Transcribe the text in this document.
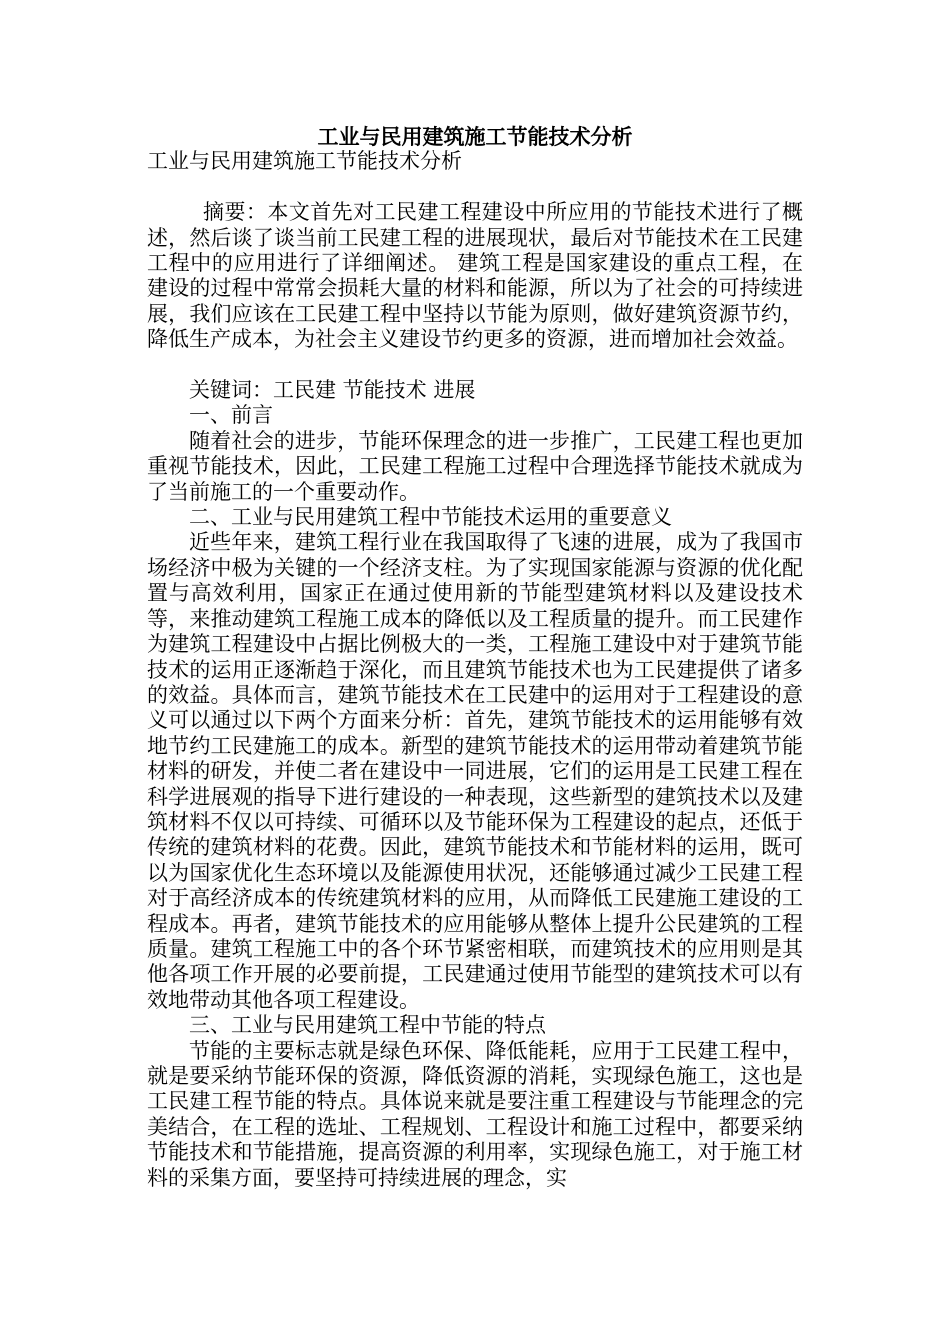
工业与民用建筑施工节能技术分析

工业与民用建筑施工节能技术分析

摘要：本文首先对工民建工程建设中所应用的节能技术进行了概述，然后谈了谈当前工民建工程的进展现状，最后对节能技术在工民建工程中的应用进行了详细阐述。 建筑工程是国家建设的重点工程，在建设的过程中常常会损耗大量的材料和能源，所以为了社会的可持续进展，我们应该在工民建工程中坚持以节能为原则，做好建筑资源节约，降低生产成本，为社会主义建设节约更多的资源，进而增加社会效益。

关键词：工民建 节能技术 进展

一、前言

随着社会的进步，节能环保理念的进一步推广，工民建工程也更加重视节能技术，因此，工民建工程施工过程中合理选择节能技术就成为了当前施工的一个重要动作。

二、工业与民用建筑工程中节能技术运用的重要意义

近些年来，建筑工程行业在我国取得了飞速的进展，成为了我国市场经济中极为关键的一个经济支柱。为了实现国家能源与资源的优化配置与高效利用，国家正在通过使用新的节能型建筑材料以及建设技术等，来推动建筑工程施工成本的降低以及工程质量的提升。而工民建作为建筑工程建设中占据比例极大的一类，工程施工建设中对于建筑节能技术的运用正逐渐趋于深化，而且建筑节能技术也为工民建提供了诸多的效益。具体而言，建筑节能技术在工民建中的运用对于工程建设的意义可以通过以下两个方面来分析：首先，建筑节能技术的运用能够有效地节约工民建施工的成本。新型的建筑节能技术的运用带动着建筑节能材料的研发，并使二者在建设中一同进展，它们的运用是工民建工程在科学进展观的指导下进行建设的一种表现，这些新型的建筑技术以及建筑材料不仅以可持续、可循环以及节能环保为工程建设的起点，还低于传统的建筑材料的花费。因此，建筑节能技术和节能材料的运用，既可以为国家优化生态环境以及能源使用状况，还能够通过减少工民建工程对于高经济成本的传统建筑材料的应用，从而降低工民建施工建设的工程成本。再者，建筑节能技术的应用能够从整体上提升公民建筑的工程质量。建筑工程施工中的各个环节紧密相联，而建筑技术的应用则是其他各项工作开展的必要前提，工民建通过使用节能型的建筑技术可以有效地带动其他各项工程建设。

三、工业与民用建筑工程中节能的特点

节能的主要标志就是绿色环保、降低能耗，应用于工民建工程中，就是要采纳节能环保的资源，降低资源的消耗，实现绿色施工，这也是工民建工程节能的特点。具体说来就是要注重工程建设与节能理念的完美结合，在工程的选址、工程规划、工程设计和施工过程中，都要采纳节能技术和节能措施，提高资源的利用率，实现绿色施工，对于施工材料的采集方面，要坚持可持续进展的理念，实
